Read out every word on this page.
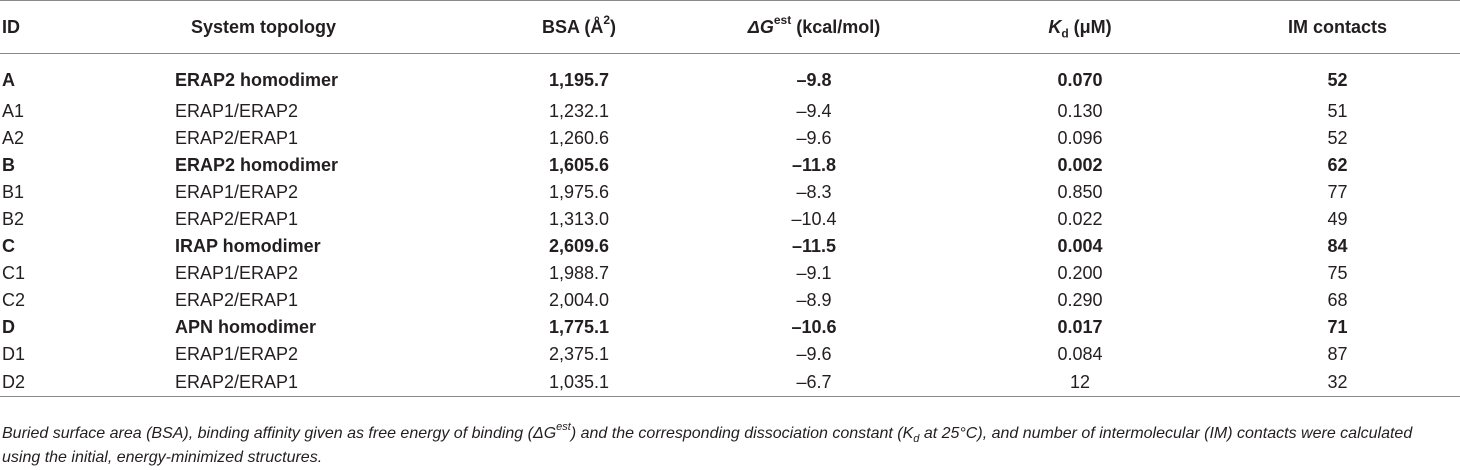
ID	System topology	BSA $(Å^2)$	$\Delta G^{est}$ (kcal/mol)	$K_d$ (μM)	IM contacts
A	ERAP2 homodimer	1,195.7	–9.8	0.070	52
A1	ERAP1/ERAP2	1,232.1	–9.4	0.130	51
A2	ERAP2/ERAP1	1,260.6	–9.6	0.096	52
B	ERAP2 homodimer	1,605.6	–11.8	0.002	62
B1	ERAP1/ERAP2	1,975.6	–8.3	0.850	77
B2	ERAP2/ERAP1	1,313.0	–10.4	0.022	49
C	IRAP homodimer	2,609.6	–11.5	0.004	84
C1	ERAP1/ERAP2	1,988.7	–9.1	0.200	75
C2	ERAP2/ERAP1	2,004.0	–8.9	0.290	68
D	APN homodimer	1,775.1	–10.6	0.017	71
D1	ERAP1/ERAP2	2,375.1	–9.6	0.084	87
D2	ERAP2/ERAP1	1,035.1	–6.7	12	32

Buried surface area (BSA), binding affinity given as free energy of binding $(\Delta G^{est})$ and the corresponding dissociation constant ($K_d$ at 25°C), and number of intermolecular (IM) contacts were calculated using the initial, energy-minimized structures.
